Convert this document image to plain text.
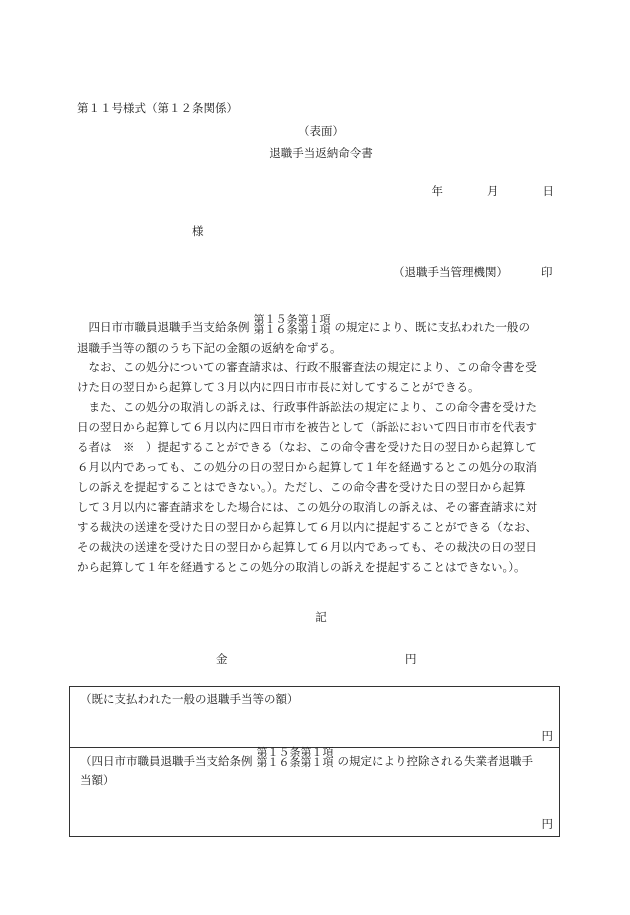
第１１号様式（第１２条関係）
（表面）
退職手当返納命令書
年	月	日
様
（退職手当管理機関）	印
　四日市市職員退職手当支給条例
第１５条第１項
第１６条第１項 の規定により、既に支払われた一般の
退職手当等の額のうち下記の金額の返納を命ずる。
　なお、この処分についての審査請求は、行政不服審査法の規定により、この命令書を受
けた日の翌日から起算して３月以内に四日市市長に対してすることができる。
　また、この処分の取消しの訴えは、行政事件訴訟法の規定により、この命令書を受けた
日の翌日から起算して６月以内に四日市市を被告として（訴訟において四日市市を代表す
る者は　※　）提起することができる（なお、この命令書を受けた日の翌日から起算して
６月以内であっても、この処分の日の翌日から起算して１年を経過するとこの処分の取消
しの訴えを提起することはできない。）。ただし、この命令書を受けた日の翌日から起算
して３月以内に審査請求をした場合には、この処分の取消しの訴えは、その審査請求に対
する裁決の送達を受けた日の翌日から起算して６月以内に提起することができる（なお、
その裁決の送達を受けた日の翌日から起算して６月以内であっても、その裁決の日の翌日
から起算して１年を経過するとこの処分の取消しの訴えを提起することはできない。）。
記
金	円
（既に支払われた一般の退職手当等の額）
円
（四日市市職員退職手当支給条例
第１５条第１項
第１６条第１項 の規定により控除される失業者退職手
当額）
円
